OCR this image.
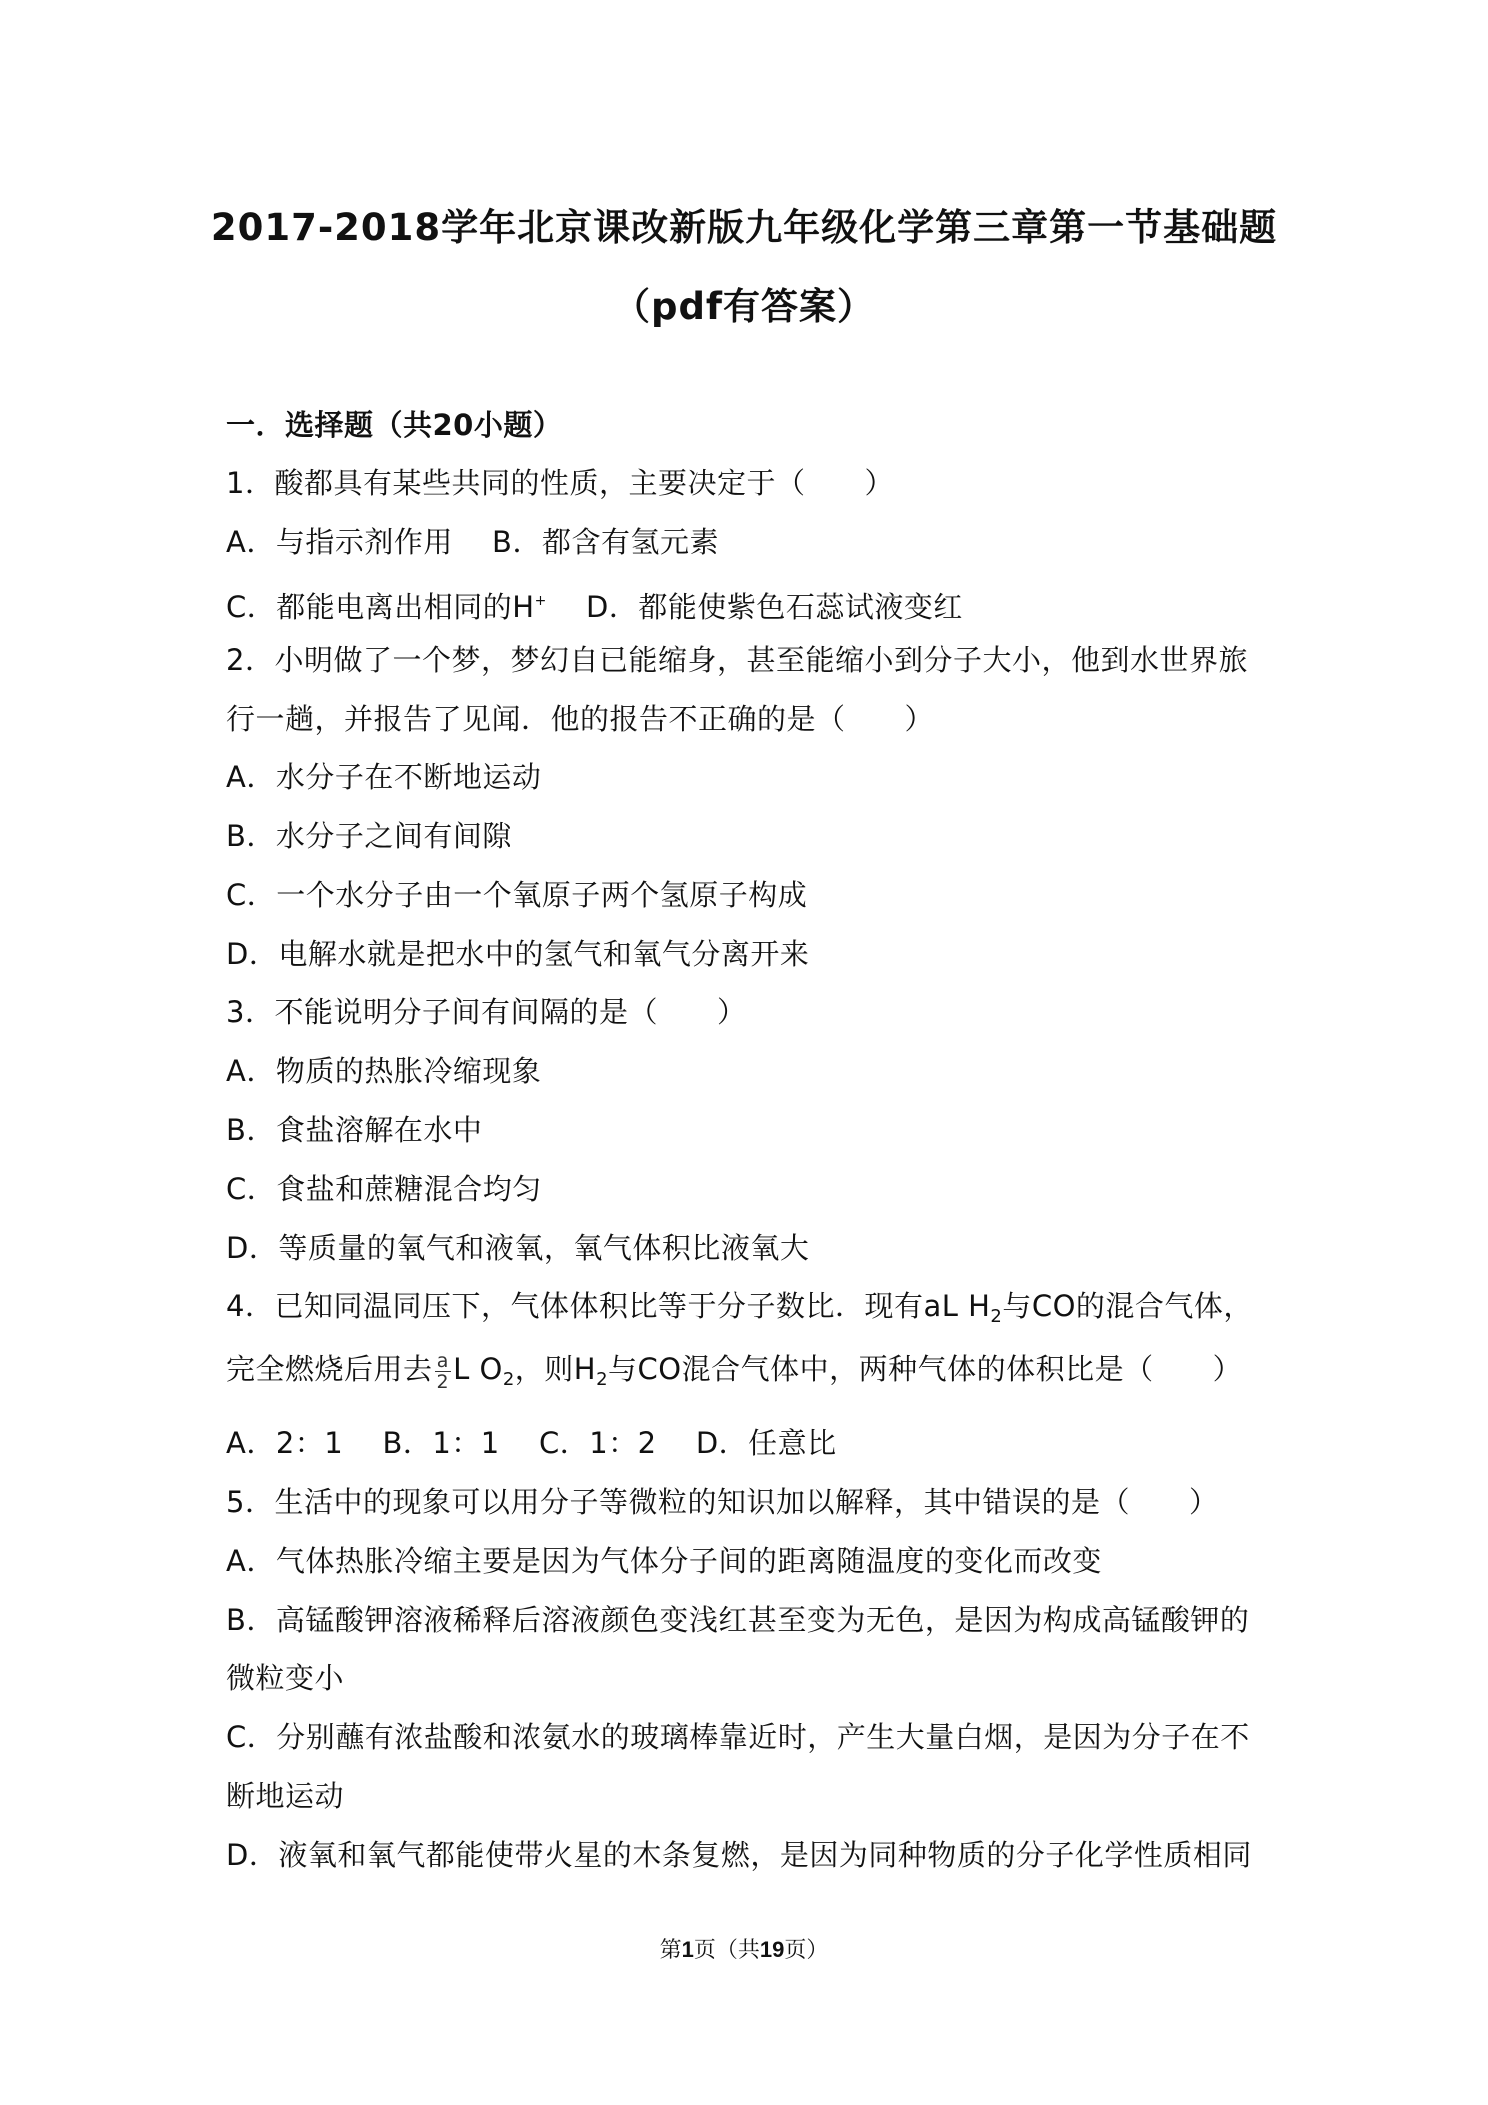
2017-2018学年北京课改新版九年级化学第三章第一节基础题
（pdf有答案）
一．选择题（共20小题）
1．酸都具有某些共同的性质，主要决定于（　　）
A．与指示剂作用　 B．都含有氢元素
C．都能电离出相同的H+　 D．都能使紫色石蕊试液变红
2．小明做了一个梦，梦幻自已能缩身，甚至能缩小到分子大小，他到水世界旅
行一趟，并报告了见闻．他的报告不正确的是（　　）
A．水分子在不断地运动
B．水分子之间有间隙
C．一个水分子由一个氧原子两个氢原子构成
D．电解水就是把水中的氢气和氧气分离开来
3．不能说明分子间有间隔的是（　　）
A．物质的热胀冷缩现象
B．食盐溶解在水中
C．食盐和蔗糖混合均匀
D．等质量的氧气和液氧，氧气体积比液氧大
4．已知同温同压下，气体体积比等于分子数比．现有aL $H_2$与CO的混合气体，
完全燃烧后用去 $\frac{a}{2}$ L $O_2$，则$H_2$与CO混合气体中，两种气体的体积比是（　　）
A．2：1　 B．1：1　 C．1：2　 D．任意比
5．生活中的现象可以用分子等微粒的知识加以解释，其中错误的是（　　）
A．气体热胀冷缩主要是因为气体分子间的距离随温度的变化而改变
B．高锰酸钾溶液稀释后溶液颜色变浅红甚至变为无色，是因为构成高锰酸钾的
微粒变小
C．分别蘸有浓盐酸和浓氨水的玻璃棒靠近时，产生大量白烟，是因为分子在不
断地运动
D．液氧和氧气都能使带火星的木条复燃，是因为同种物质的分子化学性质相同
第1页（共19页）
